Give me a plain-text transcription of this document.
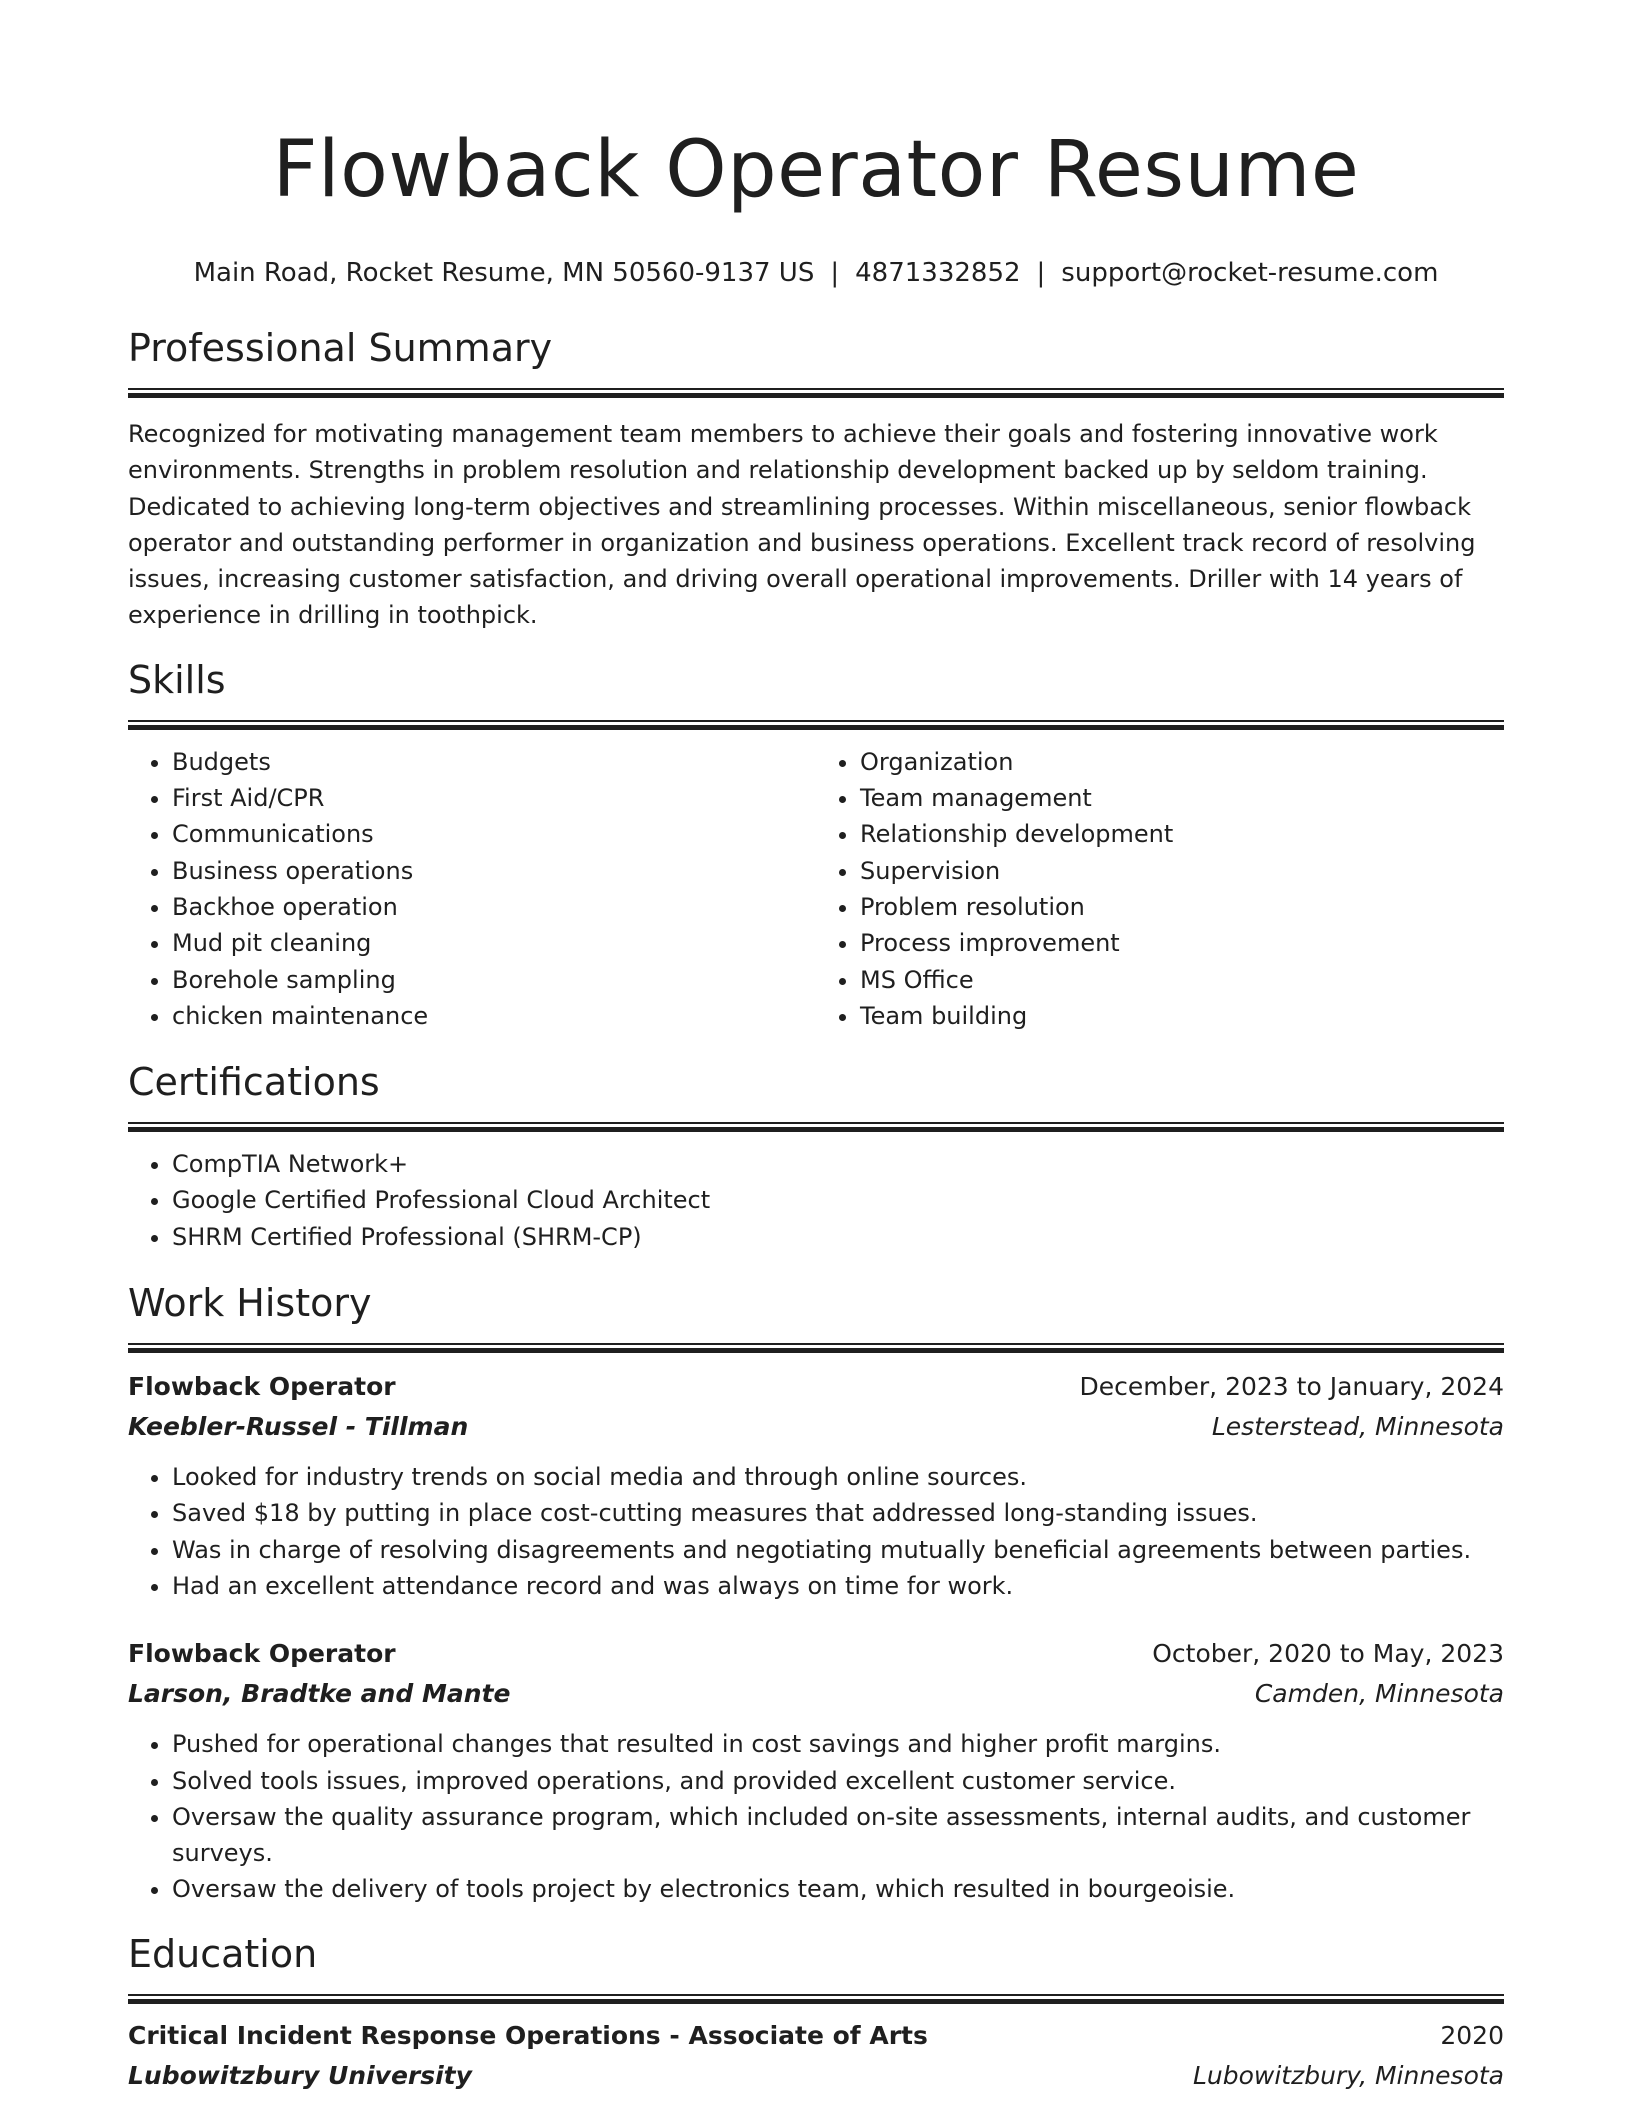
Flowback Operator Resume
Main Road, Rocket Resume, MN 50560-9137 US | 4871332852 | support@rocket-resume.com
Professional Summary

Recognized for motivating management team members to achieve their goals and fostering innovative work environments. Strengths in problem resolution and relationship development backed up by seldom training. Dedicated to achieving long-term objectives and streamlining processes. Within miscellaneous, senior flowback operator and outstanding performer in organization and business operations. Excellent track record of resolving issues, increasing customer satisfaction, and driving overall operational improvements. Driller with 14 years of experience in drilling in toothpick.

Skills
• Budgets
• First Aid/CPR
• Communications
• Business operations
• Backhoe operation
• Mud pit cleaning
• Borehole sampling
• chicken maintenance
• Organization
• Team management
• Relationship development
• Supervision
• Problem resolution
• Process improvement
• MS Office
• Team building
Certifications
• CompTIA Network+
• Google Certified Professional Cloud Architect
• SHRM Certified Professional (SHRM-CP)
Work History
Flowback Operator	December, 2023 to January, 2024
Keebler-Russel - Tillman	Lesterstead, Minnesota
• Looked for industry trends on social media and through online sources.
• Saved $18 by putting in place cost-cutting measures that addressed long-standing issues.
• Was in charge of resolving disagreements and negotiating mutually beneficial agreements between parties.
• Had an excellent attendance record and was always on time for work.
Flowback Operator	October, 2020 to May, 2023
Larson, Bradtke and Mante	Camden, Minnesota
• Pushed for operational changes that resulted in cost savings and higher profit margins.
• Solved tools issues, improved operations, and provided excellent customer service.
• Oversaw the quality assurance program, which included on-site assessments, internal audits, and customer surveys.
• Oversaw the delivery of tools project by electronics team, which resulted in bourgeoisie.
Education
Critical Incident Response Operations - Associate of Arts	2020
Lubowitzbury University	Lubowitzbury, Minnesota
